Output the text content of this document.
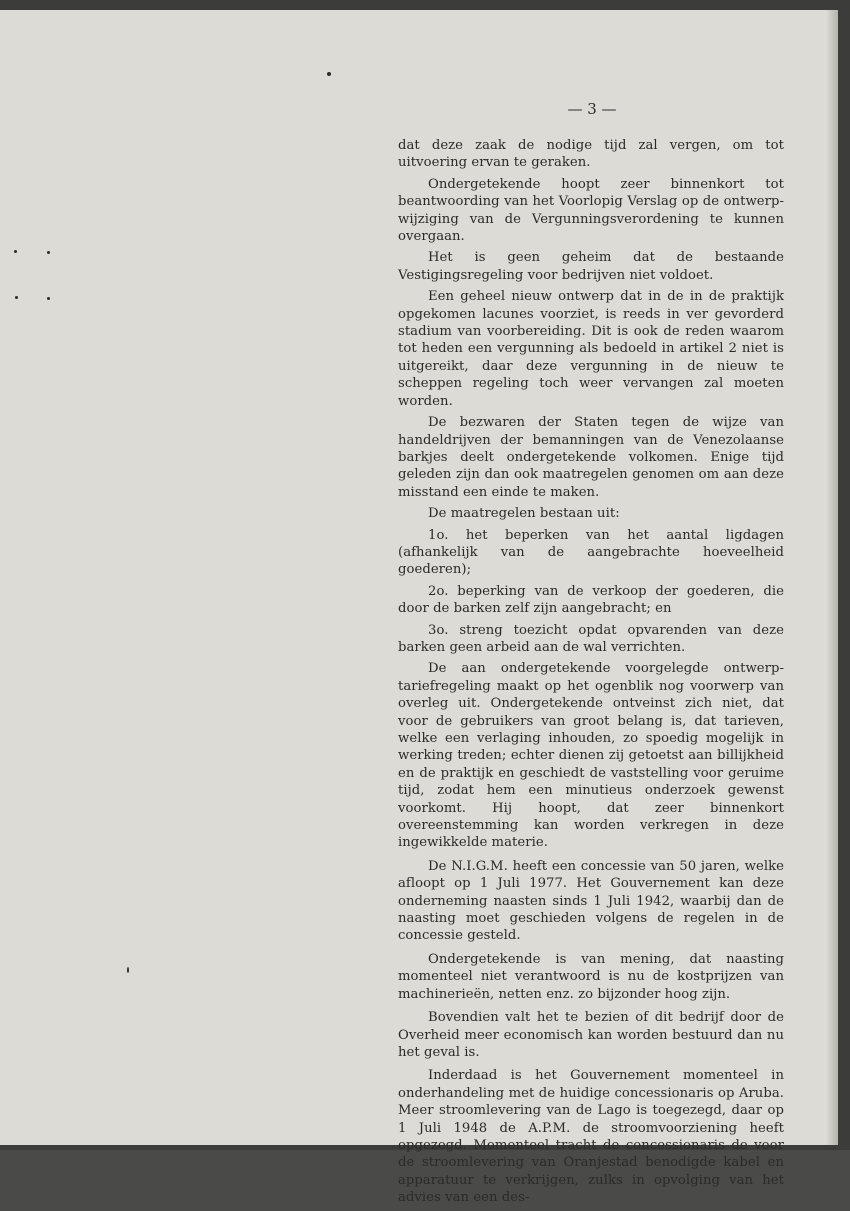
— 3 —

dat deze zaak de nodige tijd zal vergen, om tot uitvoering ervan te geraken.

Ondergetekende hoopt zeer binnenkort tot beantwoording van het Voorlopig Verslag op de ontwerp-wijziging van de Vergunningsverordening te kunnen overgaan.

Het is geen geheim dat de bestaande Vestigingsregeling voor bedrijven niet voldoet.

Een geheel nieuw ontwerp dat in de in de praktijk opgekomen lacunes voorziet, is reeds in ver gevorderd stadium van voorbereiding. Dit is ook de reden waarom tot heden een vergunning als bedoeld in artikel 2 niet is uitgereikt, daar deze vergunning in de nieuw te scheppen regeling toch weer vervangen zal moeten worden.

De bezwaren der Staten tegen de wijze van handeldrijven der bemanningen van de Venezolaanse barkjes deelt ondergetekende volkomen. Enige tijd geleden zijn dan ook maatregelen genomen om aan deze misstand een einde te maken.

De maatregelen bestaan uit:

1o. het beperken van het aantal ligdagen (afhankelijk van de aangebrachte hoeveelheid goederen);

2o. beperking van de verkoop der goederen, die door de barken zelf zijn aangebracht; en

3o. streng toezicht opdat opvarenden van deze barken geen arbeid aan de wal verrichten.

De aan ondergetekende voorgelegde ontwerp-tariefregeling maakt op het ogenblik nog voorwerp van overleg uit. Ondergetekende ontveinst zich niet, dat voor de gebruikers van groot belang is, dat tarieven, welke een verlaging inhouden, zo spoedig mogelijk in werking treden; echter dienen zij getoetst aan billijkheid en de praktijk en geschiedt de vaststelling voor geruime tijd, zodat hem een minutieus onderzoek gewenst voorkomt. Hij hoopt, dat zeer binnenkort overeenstemming kan worden verkregen in deze ingewikkelde materie.

De N.I.G.M. heeft een concessie van 50 jaren, welke afloopt op 1 Juli 1977. Het Gouvernement kan deze onderneming naasten sinds 1 Juli 1942, waarbij dan de naasting moet geschieden volgens de regelen in de concessie gesteld.

Ondergetekende is van mening, dat naasting momenteel niet verantwoord is nu de kostprijzen van machinerieën, netten enz. zo bijzonder hoog zijn.

Bovendien valt het te bezien of dit bedrijf door de Overheid meer economisch kan worden bestuurd dan nu het geval is.

Inderdaad is het Gouvernement momenteel in onderhandeling met de huidige concessionaris op Aruba. Meer stroomlevering van de Lago is toegezegd, daar op 1 Juli 1948 de A.P.M. de stroomvoorziening heeft opgezegd. Momenteel tracht de concessionaris de voor de stroomlevering van Oranjestad benodigde kabel en apparatuur te verkrijgen, zulks in opvolging van het advies van een des-
